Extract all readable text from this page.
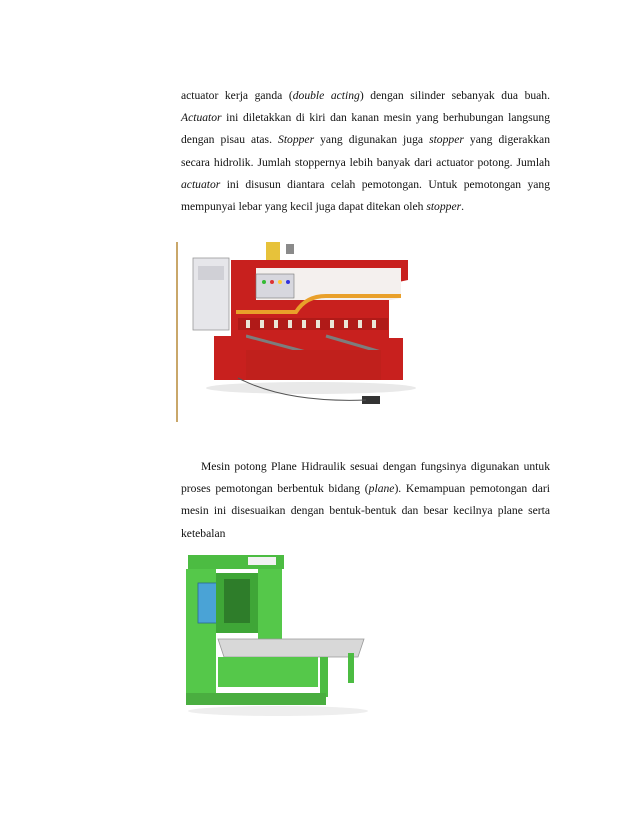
actuator kerja ganda (double acting) dengan silinder sebanyak dua buah. Actuator ini diletakkan di kiri dan kanan mesin yang berhubungan langsung dengan pisau atas. Stopper yang digunakan juga stopper yang digerakkan secara hidrolik. Jumlah stoppernya lebih banyak dari actuator potong. Jumlah actuator ini disusun diantara celah pemotongan. Untuk pemotongan yang mempunyai lebar yang kecil juga dapat ditekan oleh stopper.

Mesin potong Plane Hidraulik sesuai dengan fungsinya digunakan untuk proses pemotongan berbentuk bidang (plane). Kemampuan pemotongan dari mesin ini disesuaikan dengan bentuk-bentuk dan besar kecilnya plane serta ketebalan
